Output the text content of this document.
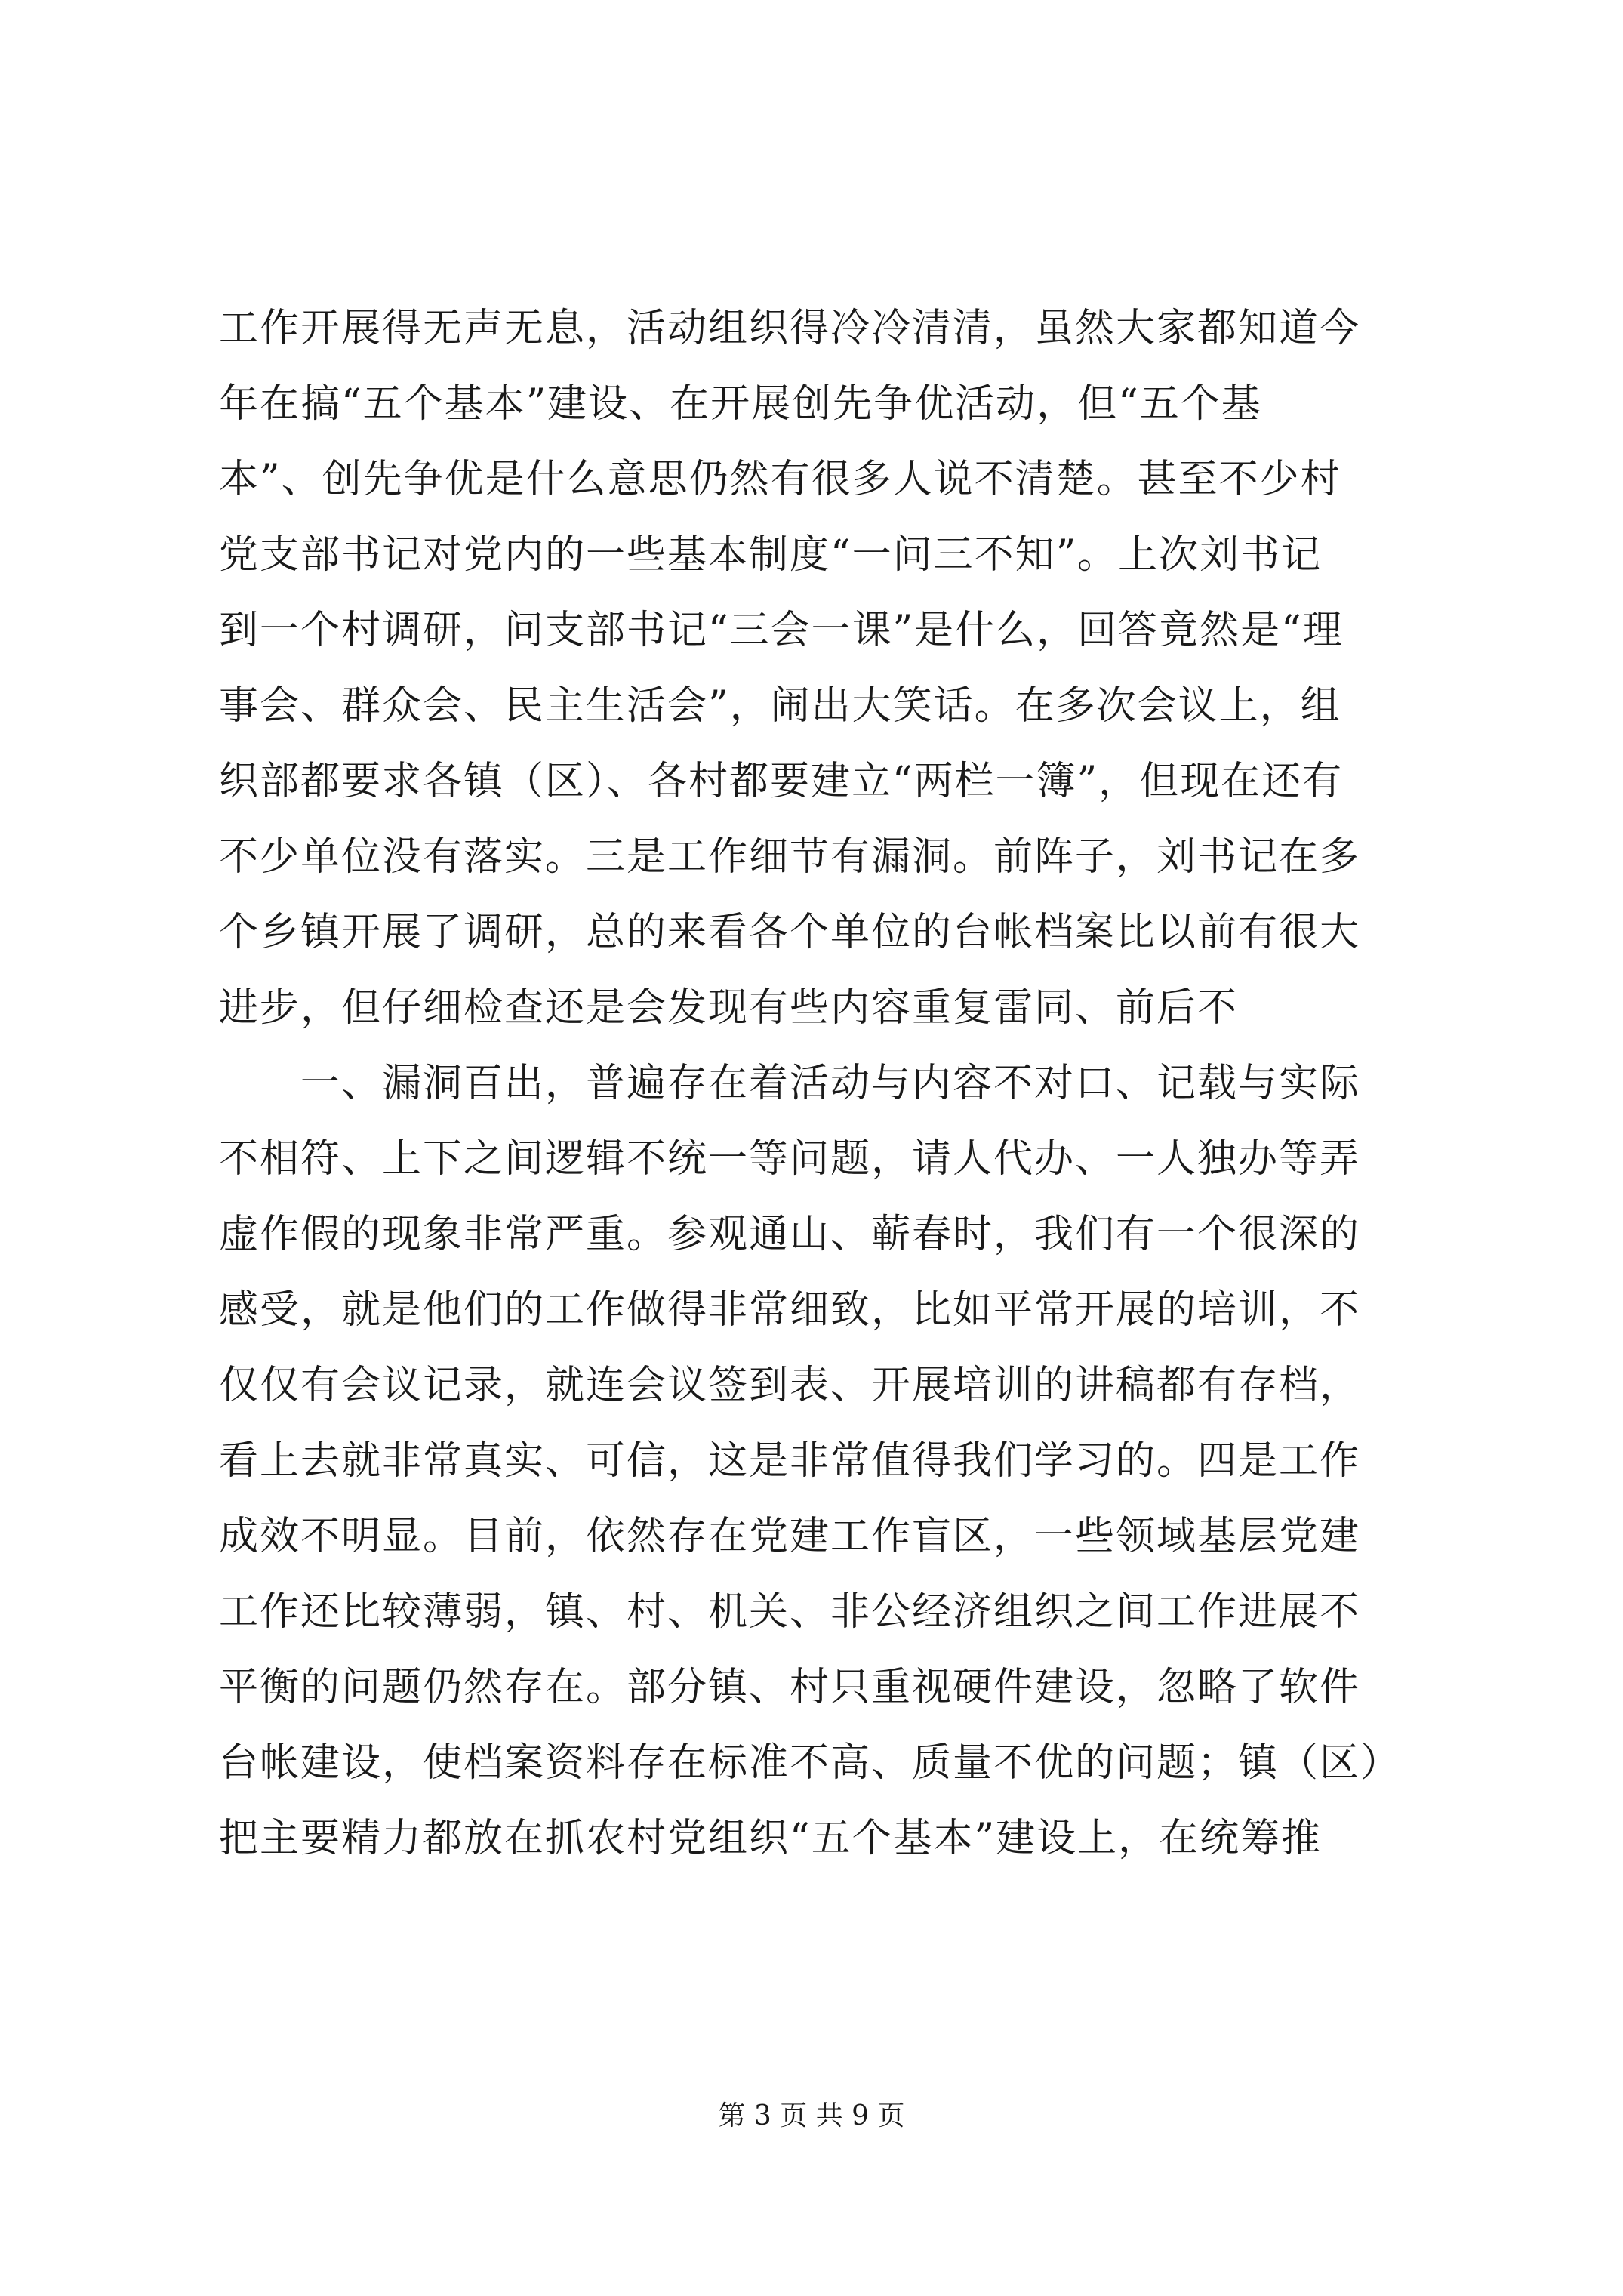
工作开展得无声无息，活动组织得冷冷清清，虽然大家都知道今
年在搞“五个基本”建设、在开展创先争优活动，但“五个基
本”、创先争优是什么意思仍然有很多人说不清楚。甚至不少村
党支部书记对党内的一些基本制度“一问三不知”。上次刘书记
到一个村调研，问支部书记“三会一课”是什么，回答竟然是“理
事会、群众会、民主生活会”，闹出大笑话。在多次会议上，组
织部都要求各镇（区）、各村都要建立“两栏一簿”，但现在还有
不少单位没有落实。三是工作细节有漏洞。前阵子，刘书记在多
个乡镇开展了调研，总的来看各个单位的台帐档案比以前有很大
进步，但仔细检查还是会发现有些内容重复雷同、前后不
　　一、漏洞百出，普遍存在着活动与内容不对口、记载与实际
不相符、上下之间逻辑不统一等问题，请人代办、一人独办等弄
虚作假的现象非常严重。参观通山、蕲春时，我们有一个很深的
感受，就是他们的工作做得非常细致，比如平常开展的培训，不
仅仅有会议记录，就连会议签到表、开展培训的讲稿都有存档，
看上去就非常真实、可信，这是非常值得我们学习的。四是工作
成效不明显。目前，依然存在党建工作盲区，一些领域基层党建
工作还比较薄弱，镇、村、机关、非公经济组织之间工作进展不
平衡的问题仍然存在。部分镇、村只重视硬件建设，忽略了软件
台帐建设，使档案资料存在标准不高、质量不优的问题；镇（区）
把主要精力都放在抓农村党组织“五个基本”建设上，在统筹推
第 3 页 共 9 页
